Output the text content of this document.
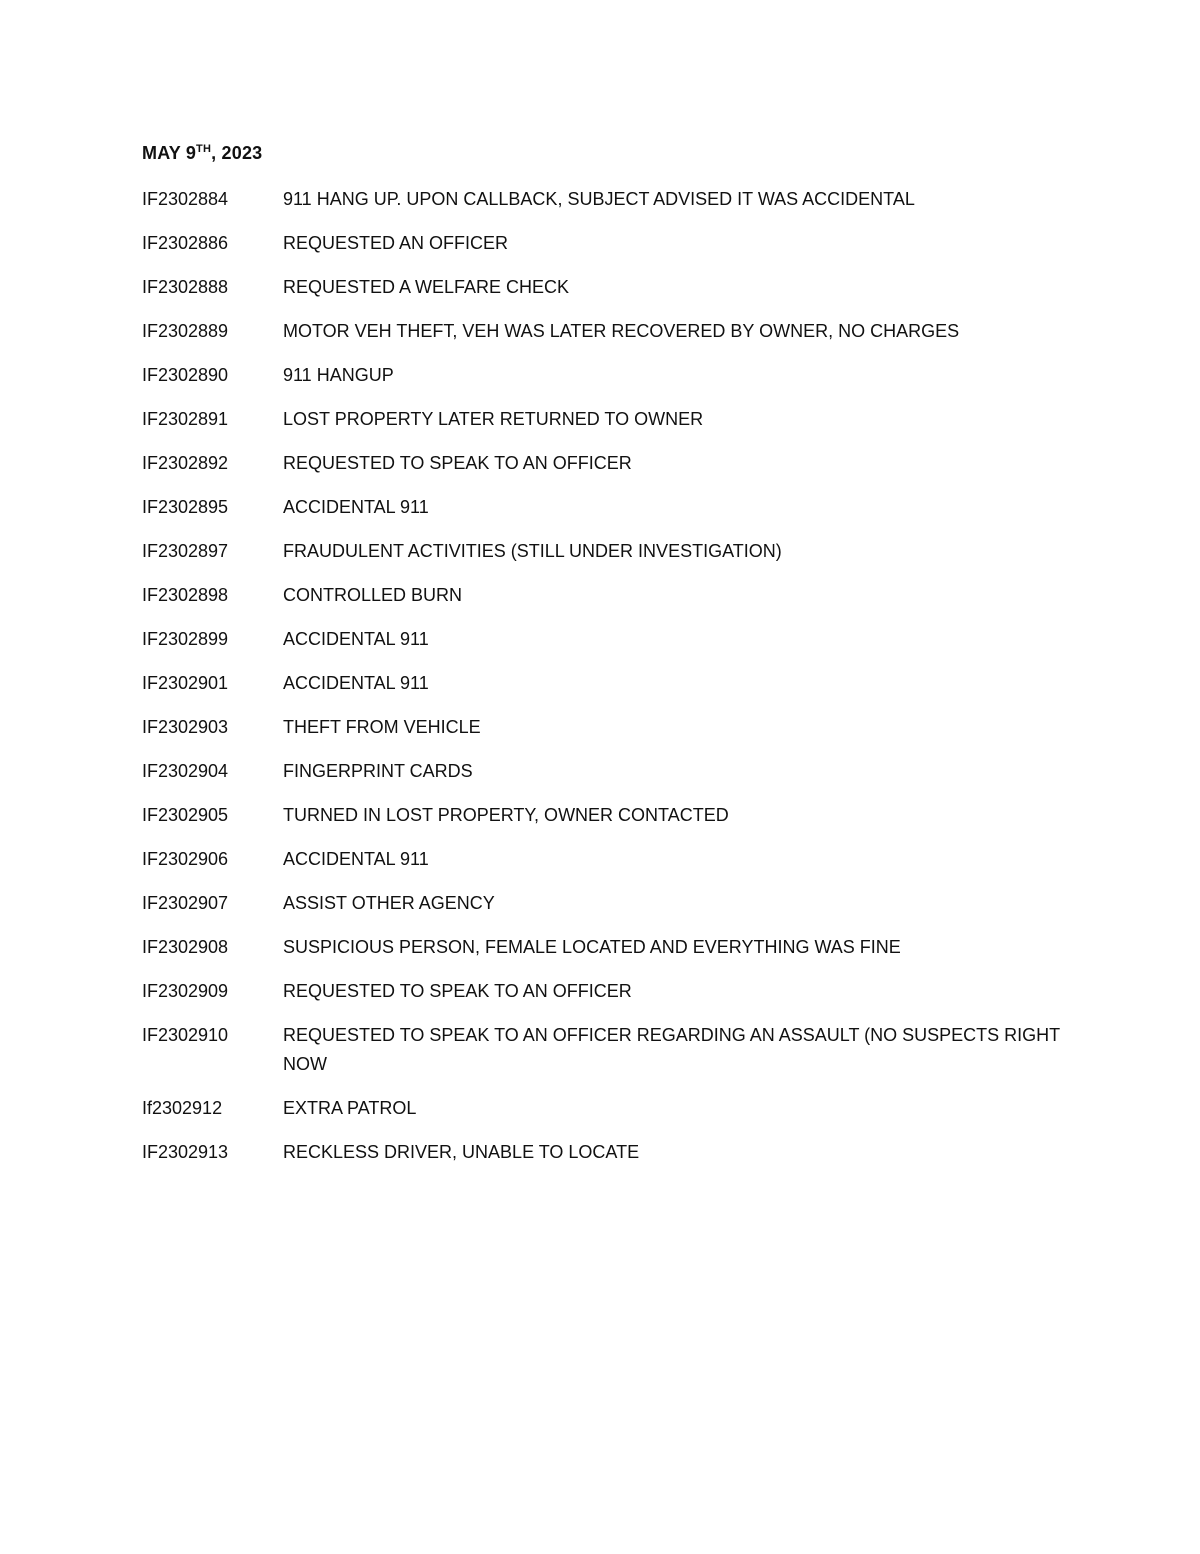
MAY 9TH, 2023
IF2302884	911 HANG UP. UPON CALLBACK, SUBJECT ADVISED IT WAS ACCIDENTAL
IF2302886	REQUESTED AN OFFICER
IF2302888	REQUESTED A WELFARE CHECK
IF2302889	MOTOR VEH THEFT, VEH WAS LATER RECOVERED BY OWNER, NO CHARGES
IF2302890	911 HANGUP
IF2302891	LOST PROPERTY LATER RETURNED TO OWNER
IF2302892	REQUESTED TO SPEAK TO AN OFFICER
IF2302895	ACCIDENTAL 911
IF2302897	FRAUDULENT ACTIVITIES (STILL UNDER INVESTIGATION)
IF2302898	CONTROLLED BURN
IF2302899	ACCIDENTAL 911
IF2302901	ACCIDENTAL 911
IF2302903	THEFT FROM VEHICLE
IF2302904	FINGERPRINT CARDS
IF2302905	TURNED IN LOST PROPERTY, OWNER CONTACTED
IF2302906	ACCIDENTAL 911
IF2302907	ASSIST OTHER AGENCY
IF2302908	SUSPICIOUS PERSON, FEMALE LOCATED AND EVERYTHING WAS FINE
IF2302909	REQUESTED TO SPEAK TO AN OFFICER
IF2302910	REQUESTED TO SPEAK TO AN OFFICER REGARDING AN ASSAULT (NO SUSPECTS RIGHT NOW
If2302912	EXTRA PATROL
IF2302913	RECKLESS DRIVER, UNABLE TO LOCATE
